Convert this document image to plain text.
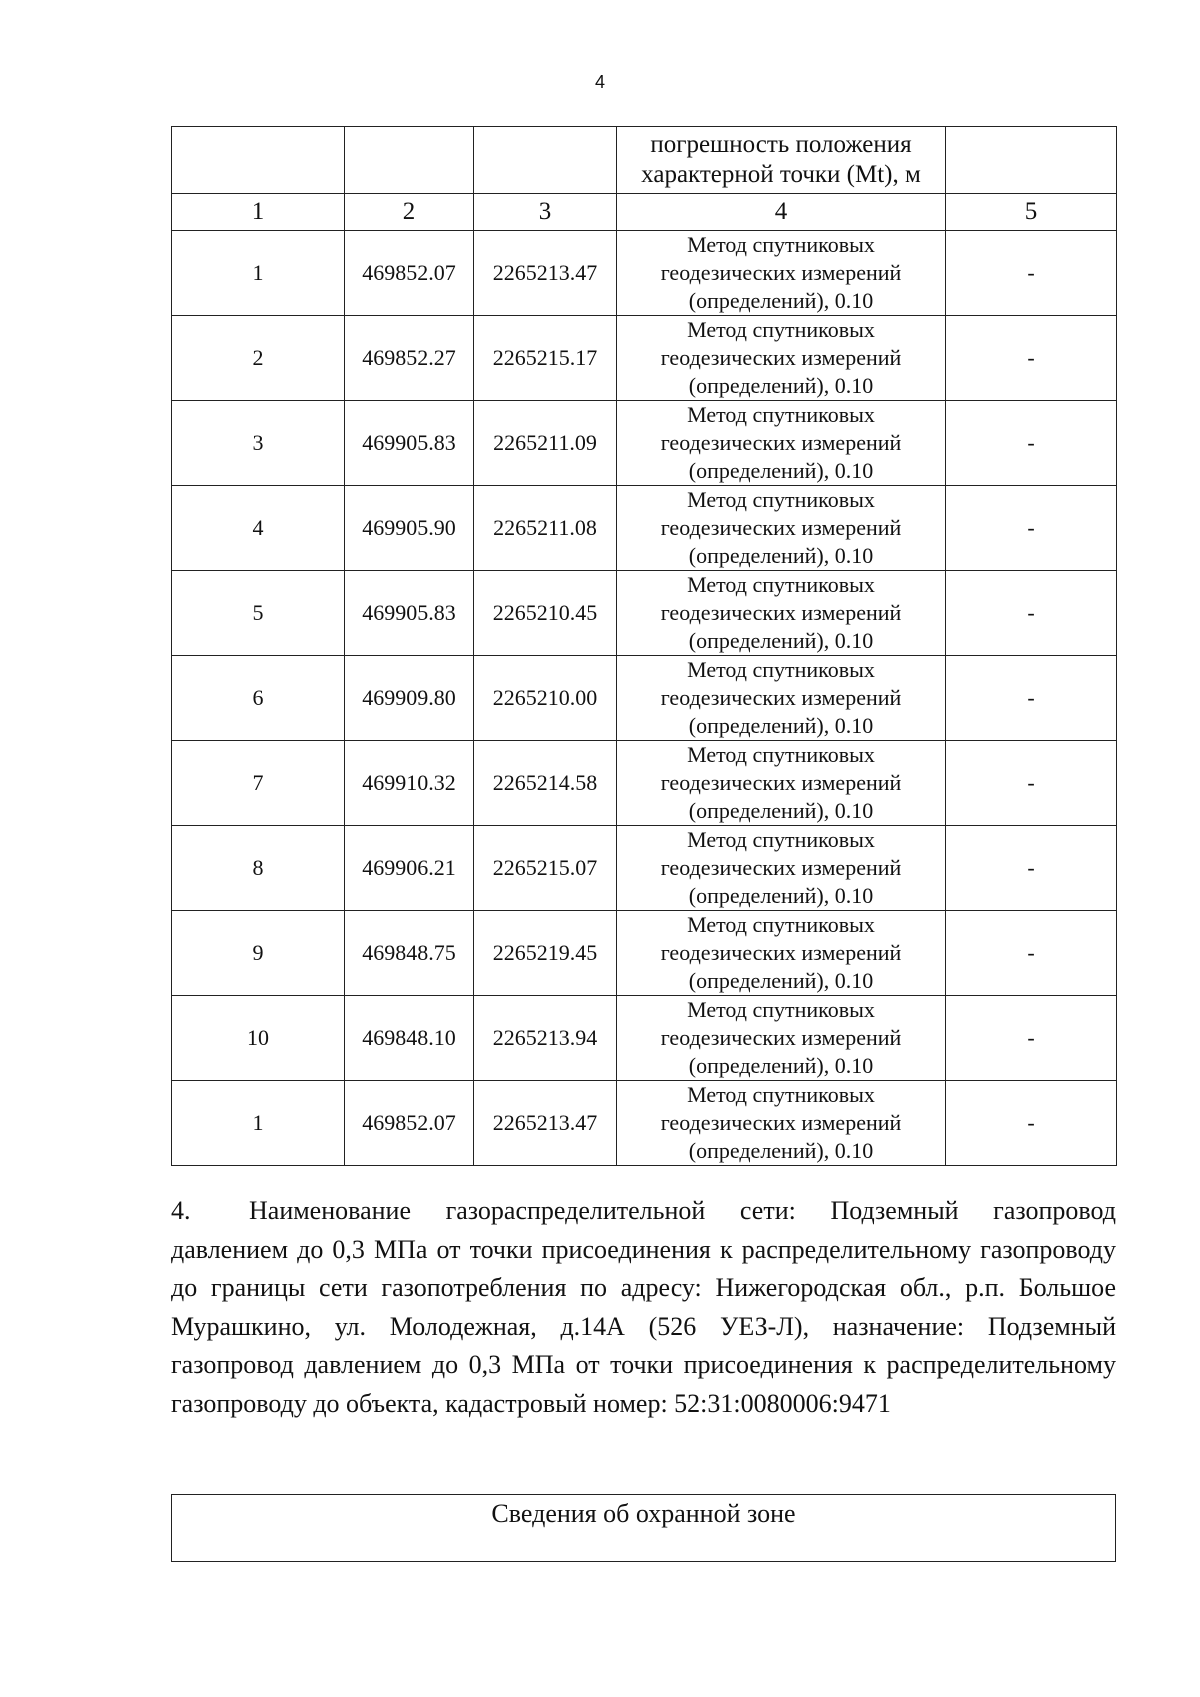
4
			погрешность положения характерной точки (Mt), м	
1	2	3	4	5
1	469852.07	2265213.47	Метод спутниковых геодезических измерений (определений), 0.10	-
2	469852.27	2265215.17	Метод спутниковых геодезических измерений (определений), 0.10	-
3	469905.83	2265211.09	Метод спутниковых геодезических измерений (определений), 0.10	-
4	469905.90	2265211.08	Метод спутниковых геодезических измерений (определений), 0.10	-
5	469905.83	2265210.45	Метод спутниковых геодезических измерений (определений), 0.10	-
6	469909.80	2265210.00	Метод спутниковых геодезических измерений (определений), 0.10	-
7	469910.32	2265214.58	Метод спутниковых геодезических измерений (определений), 0.10	-
8	469906.21	2265215.07	Метод спутниковых геодезических измерений (определений), 0.10	-
9	469848.75	2265219.45	Метод спутниковых геодезических измерений (определений), 0.10	-
10	469848.10	2265213.94	Метод спутниковых геодезических измерений (определений), 0.10	-
1	469852.07	2265213.47	Метод спутниковых геодезических измерений (определений), 0.10	-
4. Наименование газораспределительной сети: Подземный газопровод давлением до 0,3 МПа от точки присоединения к распределительному газопроводу до границы сети газопотребления по адресу: Нижегородская обл., р.п. Большое Мурашкино, ул. Молодежная, д.14А (526 УЕЗ-Л), назначение: Подземный газопровод давлением до 0,3 МПа от точки присоединения к распределительному газопроводу до объекта, кадастровый номер: 52:31:0080006:9471
Сведения об охранной зоне
